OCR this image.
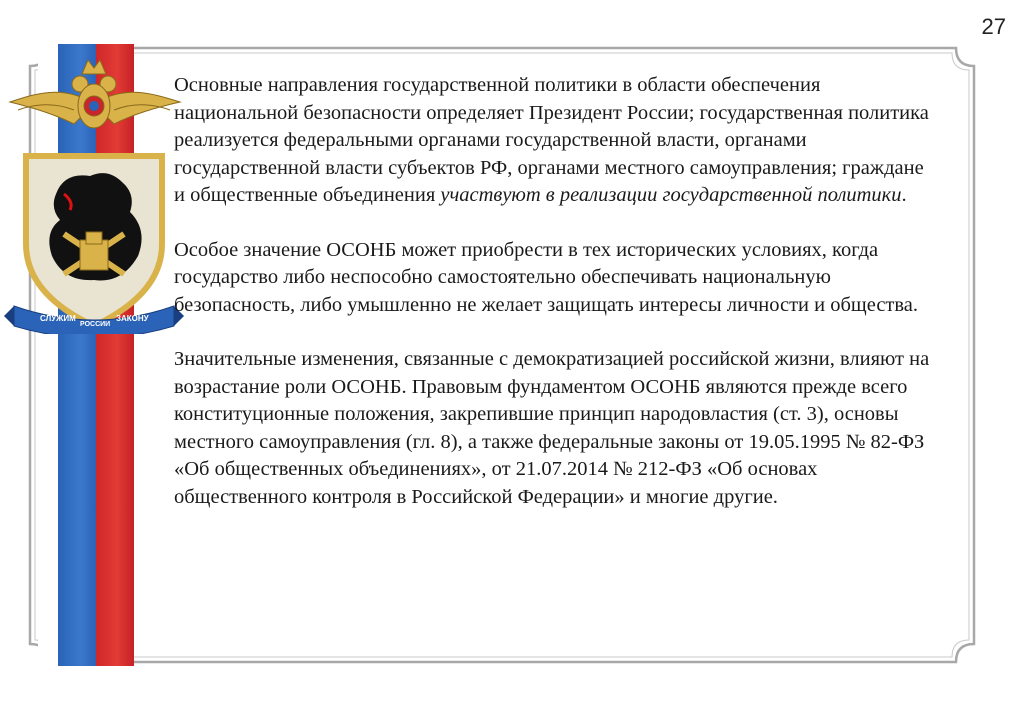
27
СЛУЖИМ
РОССИИ
ЗАКОНУ

Основные направления государственной политики в области обеспечения национальной безопасности определяет Президент России; государственная политика реализуется федеральными органами государственной власти, органами государственной власти субъектов РФ, органами местного самоуправления; граждане и общественные объединения участвуют в реализации государственной политики.

Особое значение ОСОНБ может приобрести в тех исторических условиях, когда государство либо неспособно самостоятельно обеспечивать национальную безопасность, либо умышленно не желает защищать интересы личности и общества.

Значительные изменения, связанные с демократизацией российской жизни, влияют на возрастание роли ОСОНБ. Правовым фундаментом ОСОНБ являются прежде всего конституционные положения, закрепившие принцип народовластия (ст. 3), основы местного самоуправления (гл. 8), а также федеральные законы от 19.05.1995 № 82-ФЗ «Об общественных объединениях», от 21.07.2014 № 212-ФЗ «Об основах общественного контроля в Российской Федерации» и многие другие.
